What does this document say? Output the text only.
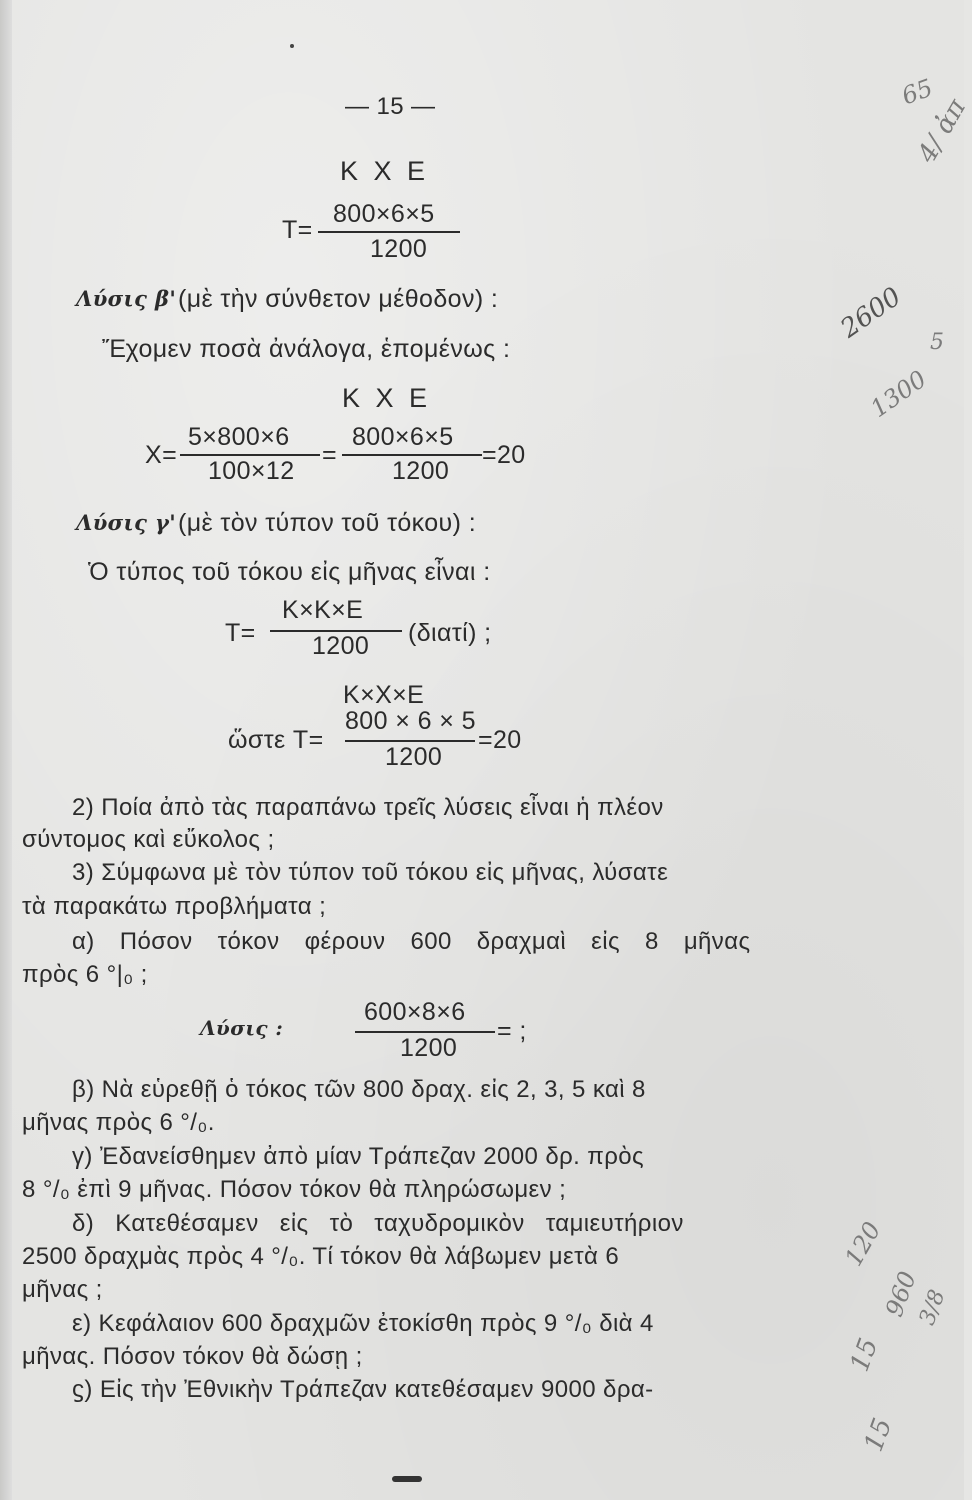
— 15 —
K X E
T=
800×6×5
1200
Λύσις β' (μὲ τὴν σύνθετον μέθοδον) :
Ἔχομεν ποσὰ ἀνάλογα, ἑπομένως :
K X E
X=
5×800×6
100×12
=
800×6×5
1200
=20
Λύσις γ' (μὲ τὸν τύπον τοῦ τόκου) :
Ὁ τύπος τοῦ τόκου εἰς μῆνας εἶναι :
T=
K×K×E
1200 (διατί) ;
K×X×E
ὥστε T=
800 × 6 × 5
1200
=20
2) Ποία ἀπὸ τὰς παραπάνω τρεῖς λύσεις εἶναι ἡ πλέον
σύντομος καὶ εὔκολος ;
3) Σύμφωνα μὲ τὸν τύπον τοῦ τόκου εἰς μῆνας, λύσατε
τὰ παρακάτω προβλήματα ;
α) Πόσον τόκον φέρουν 600 δραχμαὶ εἰς 8 μῆνας
πρὸς 6 °|₀ ;
Λύσις :
600×8×6
1200
= ;
β) Νὰ εὑρεθῇ ὁ τόκος τῶν 800 δραχ. εἰς 2, 3, 5 καὶ 8
μῆνας πρὸς 6 °/₀.
γ) Ἐδανείσθημεν ἀπὸ μίαν Τράπεζαν 2000 δρ. πρὸς
8 °/₀ ἐπὶ 9 μῆνας. Πόσον τόκον θὰ πληρώσωμεν ;
δ) Κατεθέσαμεν εἰς τὸ ταχυδρομικὸν ταμιευτήριον
2500 δραχμὰς πρὸς 4 °/₀. Τί τόκον θὰ λάβωμεν μετὰ 6
μῆνας ;
ε) Κεφάλαιον 600 δραχμῶν ἐτοκίσθη πρὸς 9 °/₀ διὰ 4
μῆνας. Πόσον τόκον θὰ δώσῃ ;
ϛ) Εἰς τὴν Ἐθνικὴν Τράπεζαν κατεθέσαμεν 9000 δρα-
65
4/ ἀπ
2600 5
1300
120
960
3/8
15
15
